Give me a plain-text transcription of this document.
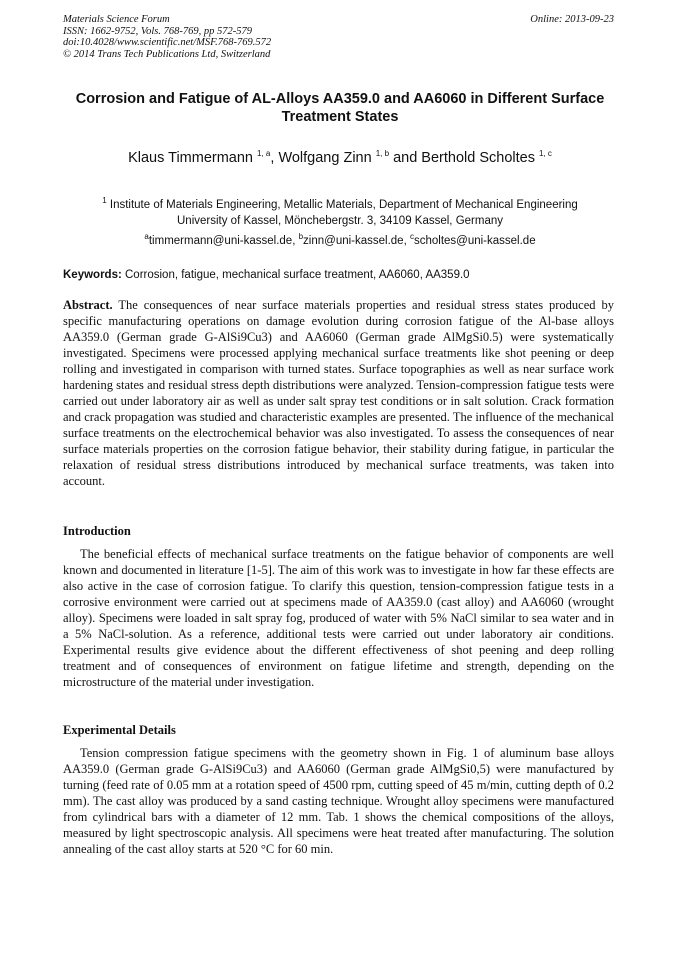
Materials Science Forum
ISSN: 1662-9752, Vols. 768-769, pp 572-579
doi:10.4028/www.scientific.net/MSF.768-769.572
© 2014 Trans Tech Publications Ltd, Switzerland
Online: 2013-09-23
Corrosion and Fatigue of AL-Alloys AA359.0 and AA6060 in Different Surface Treatment States
Klaus Timmermann $^{1, a}$, Wolfgang Zinn $^{1, b}$ and Berthold Scholtes $^{1, c}$
$^1$ Institute of Materials Engineering, Metallic Materials, Department of Mechanical Engineering
University of Kassel, Mönchebergstr. 3, 34109 Kassel, Germany
$^a$timmermann@uni-kassel.de, $^b$zinn@uni-kassel.de, $^c$scholtes@uni-kassel.de
Keywords: Corrosion, fatigue, mechanical surface treatment, AA6060, AA359.0

Abstract. The consequences of near surface materials properties and residual stress states produced by specific manufacturing operations on damage evolution during corrosion fatigue of the Al-base alloys AA359.0 (German grade G-AlSi9Cu3) and AA6060 (German grade AlMgSi0.5) were systematically investigated. Specimens were processed applying mechanical surface treatments like shot peening or deep rolling and investigated in comparison with turned states. Surface topographies as well as near surface work hardening states and residual stress depth distributions were analyzed. Tension-compression fatigue tests were carried out under laboratory air as well as under salt spray test conditions or in salt solution. Crack formation and crack propagation was studied and characteristic examples are presented. The influence of the mechanical surface treatments on the electrochemical behavior was also investigated. To assess the consequences of near surface materials properties on the corrosion fatigue behavior, their stability during fatigue, in particular the relaxation of residual stress distributions introduced by mechanical surface treatments, was taken into account.

Introduction

The beneficial effects of mechanical surface treatments on the fatigue behavior of components are well known and documented in literature [1-5]. The aim of this work was to investigate in how far these effects are also active in the case of corrosion fatigue. To clarify this question, tension-compression fatigue tests in a corrosive environment were carried out at specimens made of AA359.0 (cast alloy) and AA6060 (wrought alloy). Specimens were loaded in salt spray fog, produced of water with 5% NaCl similar to sea water and in a 5% NaCl-solution. As a reference, additional tests were carried out under laboratory air conditions. Experimental results give evidence about the different effectiveness of shot peening and deep rolling treatment and of consequences of environment on fatigue lifetime and strength, depending on the microstructure of the material under investigation.

Experimental Details

Tension compression fatigue specimens with the geometry shown in Fig. 1 of aluminum base alloys AA359.0 (German grade G-AlSi9Cu3) and AA6060 (German grade AlMgSi0,5) were manufactured by turning (feed rate of 0.05 mm at a rotation speed of 4500 rpm, cutting speed of 45 m/min, cutting depth of 0.2 mm). The cast alloy was produced by a sand casting technique. Wrought alloy specimens were manufactured from cylindrical bars with a diameter of 12 mm. Tab. 1 shows the chemical compositions of the alloys, measured by light spectroscopic analysis. All specimens were heat treated after manufacturing. The solution annealing of the cast alloy starts at 520 °C for 60 min.
